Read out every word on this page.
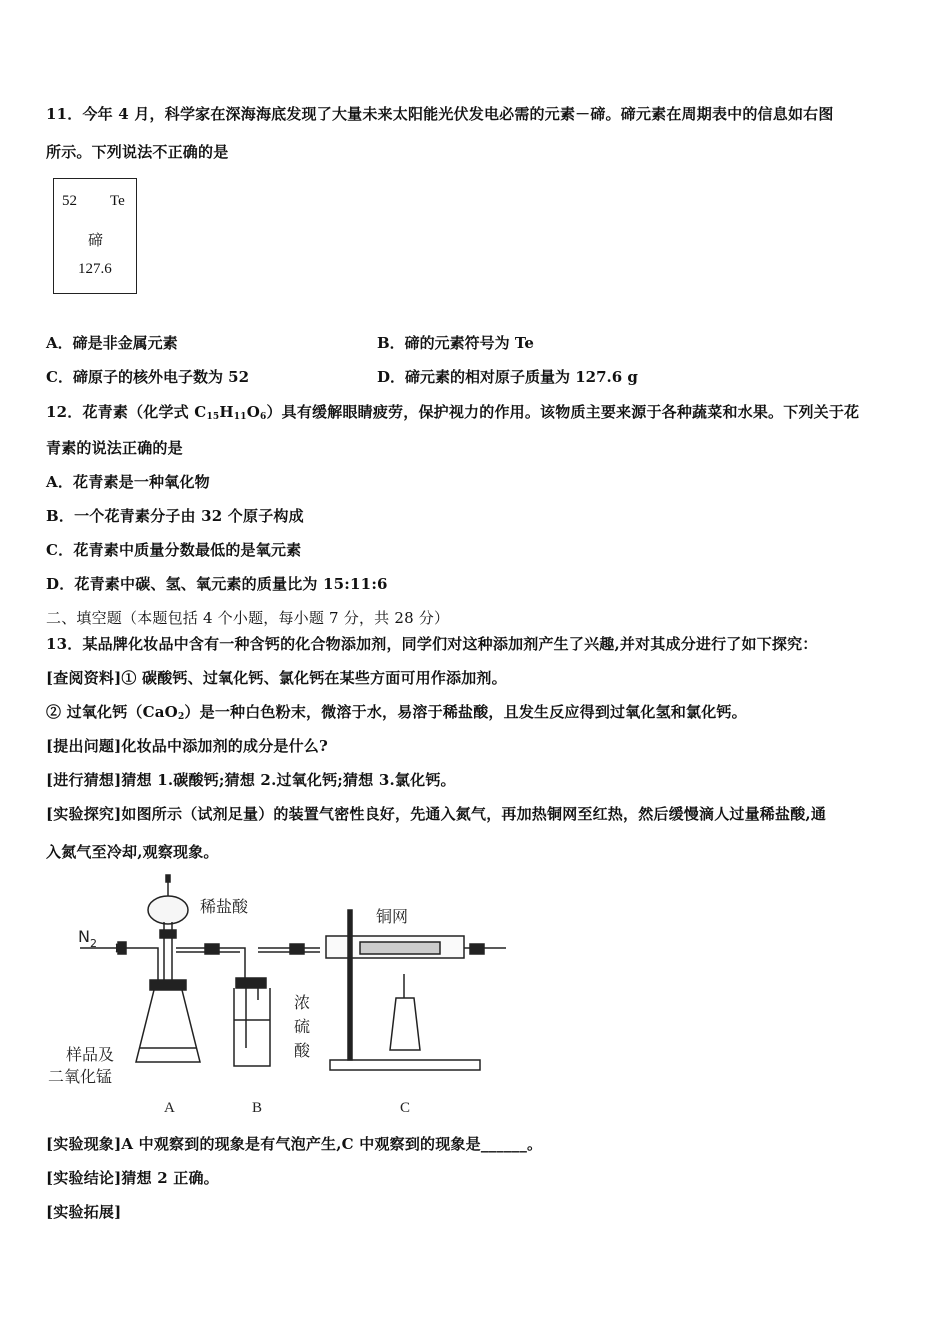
11．今年 4 月，科学家在深海海底发现了大量未来太阳能光伏发电必需的元素－碲。碲元素在周期表中的信息如右图
所示。下列说法不正确的是
52 Te
碲
127.6
A．碲是非金属元素	B．碲的元素符号为 Te
C．碲原子的核外电子数为 52	D．碲元素的相对原子质量为 127.6 g
12．花青素（化学式 $C_{15}H_{11}O_6$）具有缓解眼睛疲劳，保护视力的作用。该物质主要来源于各种蔬菜和水果。下列关于花
青素的说法正确的是
A．花青素是一种氧化物
B．一个花青素分子由 32 个原子构成
C．花青素中质量分数最低的是氧元素
D．花青素中碳、氢、氧元素的质量比为 15:11:6
二、填空题（本题包括 4 个小题，每小题 7 分，共 28 分）
13．某品牌化妆品中含有一种含钙的化合物添加剂，同学们对这种添加剂产生了兴趣,并对其成分进行了如下探究：
[查阅资料]① 碳酸钙、过氧化钙、氯化钙在某些方面可用作添加剂。
② 过氧化钙（CaO$_2$）是一种白色粉末，微溶于水，易溶于稀盐酸，且发生反应得到过氧化氢和氯化钙。
[提出问题]化妆品中添加剂的成分是什么?
[进行猜想]猜想 1.碳酸钙;猜想 2.过氧化钙;猜想 3.氯化钙。
[实验探究]如图所示（试剂足量）的装置气密性良好，先通入氮气，再加热铜网至红热，然后缓慢滴人过量稀盐酸,通
入氮气至冷却,观察现象。
$N_2$
稀盐酸
铜网
浓
硫
酸
样品及
二氧化锰
A	B	C
[实验现象]A 中观察到的现象是有气泡产生,C 中观察到的现象是______。
[实验结论]猜想 2 正确。
[实验拓展]
